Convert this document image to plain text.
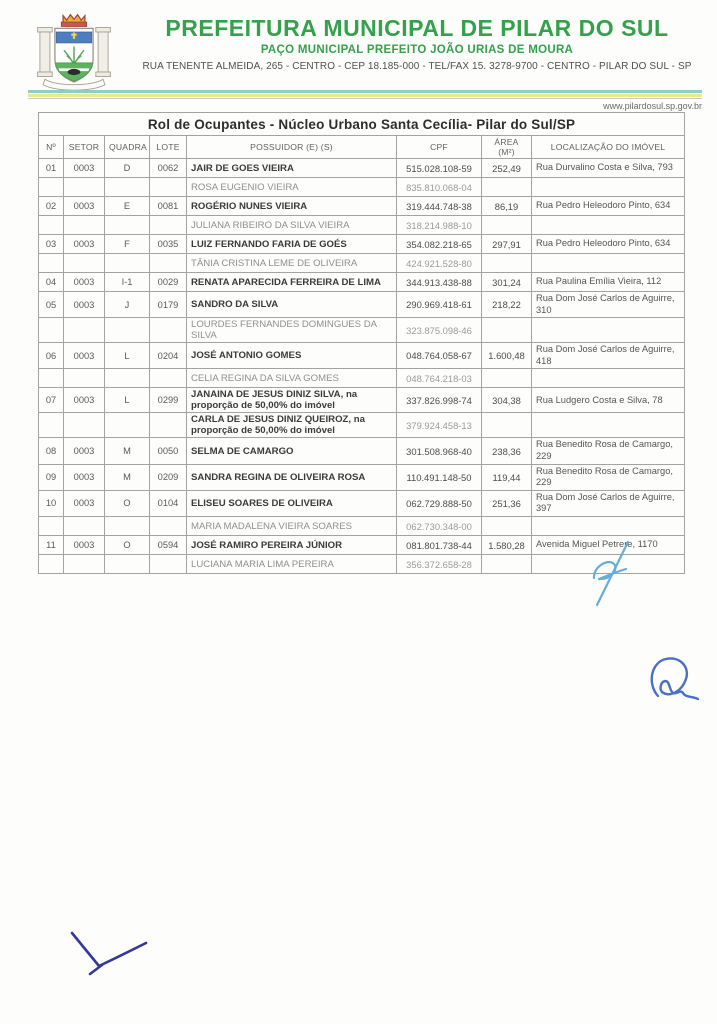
PREFEITURA MUNICIPAL DE PILAR DO SUL
PAÇO MUNICIPAL PREFEITO JOÃO URIAS DE MOURA
RUA TENENTE ALMEIDA, 265 - CENTRO - CEP 18.185-000 - TEL/FAX 15. 3278-9700 - CENTRO - PILAR DO SUL - SP
www.pilardosul.sp.gov.br
Rol de Ocupantes - Núcleo Urbano Santa Cecília- Pilar do Sul/SP							
Nº	SETOR	QUADRA	LOTE	POSSUIDOR (E) (S)	CPF	ÁREA (M²)	LOCALIZAÇÃO DO IMÓVEL
01	0003	D	0062	JAIR DE GOES VIEIRA	515.028.108-59	252,49	Rua Durvalino Costa e Silva, 793
				ROSA EUGENIO VIEIRA	835.810.068-04		
02	0003	E	0081	ROGÉRIO NUNES VIEIRA	319.444.748-38	86,19	Rua Pedro Heleodoro Pinto, 634
				JULIANA RIBEIRO DA SILVA VIEIRA	318.214.988-10		
03	0003	F	0035	LUIZ FERNANDO FARIA DE GOÉS	354.082.218-65	297,91	Rua Pedro Heleodoro Pinto, 634
				TÂNIA CRISTINA LEME DE OLIVEIRA	424.921.528-80		
04	0003	I-1	0029	RENATA APARECIDA FERREIRA DE LIMA	344.913.438-88	301,24	Rua Paulina Emília Vieira, 112
05	0003	J	0179	SANDRO DA SILVA	290.969.418-61	218,22	Rua Dom José Carlos de Aguirre, 310
				LOURDES FERNANDES DOMINGUES DA SILVA	323.875.098-46		
06	0003	L	0204	JOSÉ ANTONIO GOMES	048.764.058-67	1.600,48	Rua Dom José Carlos de Aguirre, 418
				CELIA REGINA DA SILVA GOMES	048.764.218-03		
07	0003	L	0299	JANAINA DE JESUS DINIZ SILVA, na proporção de 50,00% do imóvel	337.826.998-74	304,38	Rua Ludgero Costa e Silva, 78
				CARLA DE JESUS DINIZ QUEIROZ, na proporção de 50,00% do imóvel	379.924.458-13		
08	0003	M	0050	SELMA DE CAMARGO	301.508.968-40	238,36	Rua Benedito Rosa de Camargo, 229
09	0003	M	0209	SANDRA REGINA DE OLIVEIRA ROSA	110.491.148-50	119,44	Rua Benedito Rosa de Camargo, 229
10	0003	O	0104	ELISEU SOARES DE OLIVEIRA	062.729.888-50	251,36	Rua Dom José Carlos de Aguirre, 397
				MARIA MADALENA VIEIRA SOARES	062.730.348-00		
11	0003	O	0594	JOSÉ RAMIRO PEREIRA JÚNIOR	081.801.738-44	1.580,28	Avenida Miguel Petrere, 1170
				LUCIANA MARIA LIMA PEREIRA	356.372.658-28		
